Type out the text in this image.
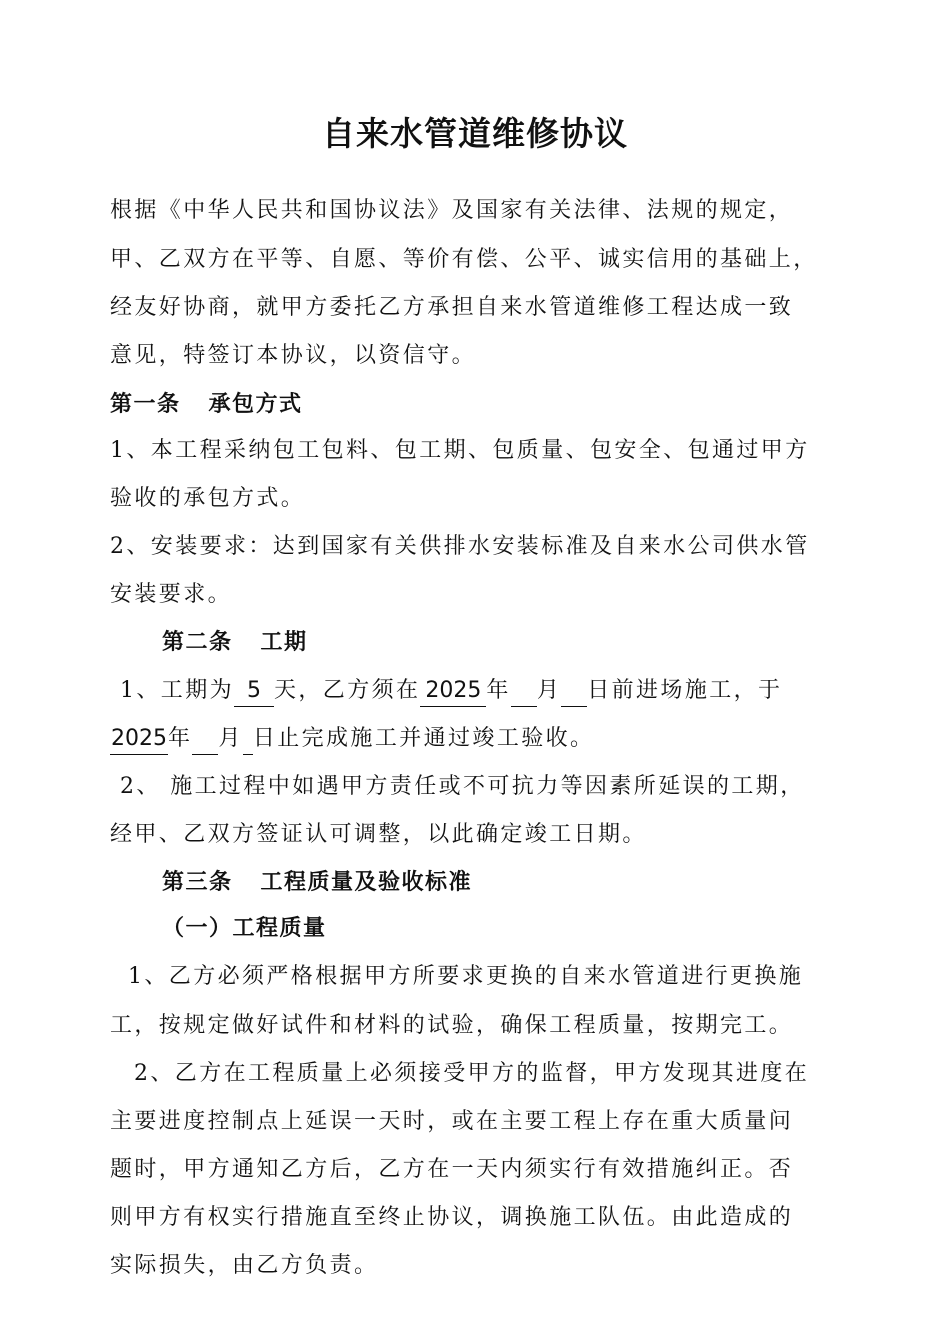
自来水管道维修协议
根据《中华人民共和国协议法》及国家有关法律、法规的规定，
甲、乙双方在平等、自愿、等价有偿、公平、诚实信用的基础上，
经友好协商，就甲方委托乙方承担自来水管道维修工程达成一致
意见，特签订本协议，以资信守。
第一条 承包方式
1、本工程采纳包工包料、包工期、包质量、包安全、包通过甲方
验收的承包方式。
2、安装要求：达到国家有关供排水安装标准及自来水公司供水管
安装要求。
第二条 工期
1、工期为 5 天，乙方须在 2025 年 月 日前进场施工，于
2025年 月 日止完成施工并通过竣工验收。
2、 施工过程中如遇甲方责任或不可抗力等因素所延误的工期，
经甲、乙双方签证认可调整，以此确定竣工日期。
第三条 工程质量及验收标准
（一）工程质量
1、乙方必须严格根据甲方所要求更换的自来水管道进行更换施
工，按规定做好试件和材料的试验，确保工程质量，按期完工。
2、乙方在工程质量上必须接受甲方的监督，甲方发现其进度在
主要进度控制点上延误一天时，或在主要工程上存在重大质量问
题时，甲方通知乙方后，乙方在一天内须实行有效措施纠正。否
则甲方有权实行措施直至终止协议，调换施工队伍。由此造成的
实际损失，由乙方负责。
